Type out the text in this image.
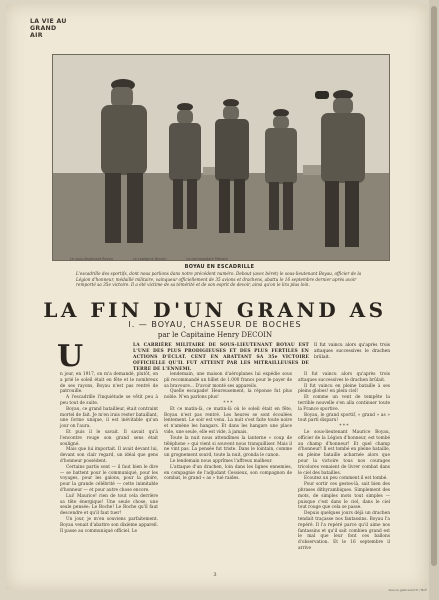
LA VIE AU GRAND AIR
Le sous-lieutenant Boyau	Le capitaine Decoin	Le commandant Ménard
BOYAU EN ESCADRILLE
L'escadrille des sportifs, dont nous parlions dans notre précédent numéro. Debout (avec béret) le sous-lieutenant Boyau, officier de la Légion d'honneur, médaillé militaire, vainqueur officiellement de 35 avions et drachens, abattu le 16 septembre dernier après avoir remporté sa 35e victoire. Il a été victime de sa témérité et de son esprit de devoir, ainsi qu'on le lira plus loin.
LA FIN D'UN GRAND AS
I. — BOYAU, CHASSEUR DE BOCHES
par le Capitaine Henry DECOIN
U	LA CARRIÈRE MILITAIRE DE SOUS-LIEUTENANT BOYAU EST L'UNE DES PLUS PRODIGIEUSES ET DES PLUS FERTILES EN ACTIONS D'ÉCLAT. CENT EN ABATTANT SA 35e VICTOIRE OFFICIELLE QU'IL FUT ATTEINT PAR LES MITRAILLEUSES DE TERRE DE L'ENNEMI.
Il fut vaincu alors qu'après trois attaques successives le drachen brûlait.

n jour, en 1917, on m'a demandé, plutôt, on a prié le soleil était en fête et le nombreux de ses rayons, Boyau n'est pas rentré de patrouille.

A l'escadrille l'inquiétude se vêtit peu à peu tout de suite.

Boyau, ce grand batailleur, était contraint mortel de fait. Je m'en irais rester bataillant, une forme unique, il est inévitable qu'un jour on l'aura.

Et puis il le savait. Il savait qu'à l'encontre rouge son grand sens était souligné.

Mais que lui importait. Il avait devant lui, devant son clair regard, un idéal que gens d'honneur possèdent.

Certains partis sont — il faut bien le dire — se battent pour le communiqué, pour les voyages, pour les galons, pour la gloire, pour la grande célébrité — cette inimitable d'honneur — et pour autre chose encore.

Lui! Maurice! rien de tout cela derrière sa tête énergique! Une seule chose, une seule pensée: Le Boche! Le Boche qu'il faut descendre et qu'il faut tuer!

Un jour, je m'en souviens parfaitement. Boyau venait d'abattre son dixième appareil. Il passe au communiqué officiel. Le

lendemain, une maison d'aéroplanes lui expédie sous pli recommandé un billet de 1.000 francs pour le payer de sa bravoure... D'avoir monté ses appareils.

Quelle escapade! Heureusement, la réponse fut plus noble. N'en parlons plus!

* * *

Et ce matin-là, ce matin-là où le soleil était en fête, Boyau n'est pas rentré. Les heures se sont écoulées lentement. Le soir est venu. La nuit s'est faite toute noire et n'amène les hangars. Et dans les hangars une place vide, une seule, elle est vide, à jamais.

Toute la nuit nous attendîmes la lanterne « coup de téléphone » qui vient si souvent nous tranquilliser. Mais il ne vint pas. La pensée fut triste. Dans le lointain, comme un grognement sourd, toute la nuit, gronda le canon.

Le lendemain nous apprîmes l'affreux malheur.

L'attaque d'un drachen, loin dans les lignes ennemies, en compagnie de l'adjudant Cessieux, son compagnon de combat, le grand « as » tué raides.

Il fut vaincu alors qu'après trois attaques successives le drachen brûlait.

Il fut vaincu en pleine bataille à ses pleins globes! en plein ciel!

Et comme un vent de tempête la terrible nouvelle s'en alla continuer toute la France sportive.

Boyau, le grand sportif, « grand » as » tout parti disparu!

* * *

Le sous-lieutenant Maurice Boyau, officier de la Légion d'honneur, est tombé au champ d'honneur! Et quel champ d'honneur! Il est tombé en pleine bataille, en pleine bataille acharnée alors que pour la victoire tous nos courages tricolores venaient de livrer combat dans le ciel des batailles.

Ecoutez un peu comment il est tombé.

Pour sortir ces gestes-là, sait bien des phrases dithyrambiques. Simplement des mots, de simples mots tout simples — puisque c'est dans le ciel, dans le ciel tout rouge que cela se passe.

Depuis quelques jours déjà un drachen tendait traçasse nos fantassins. Boyau l'a repéré. Il l'a repéré parce qu'il aime nos fantassins et qu'il sait combien grand est le mal que leur font ces ballons d'observation. Et le 16 septembre il arrive

3
Source gallica.bnf.fr / BnF
